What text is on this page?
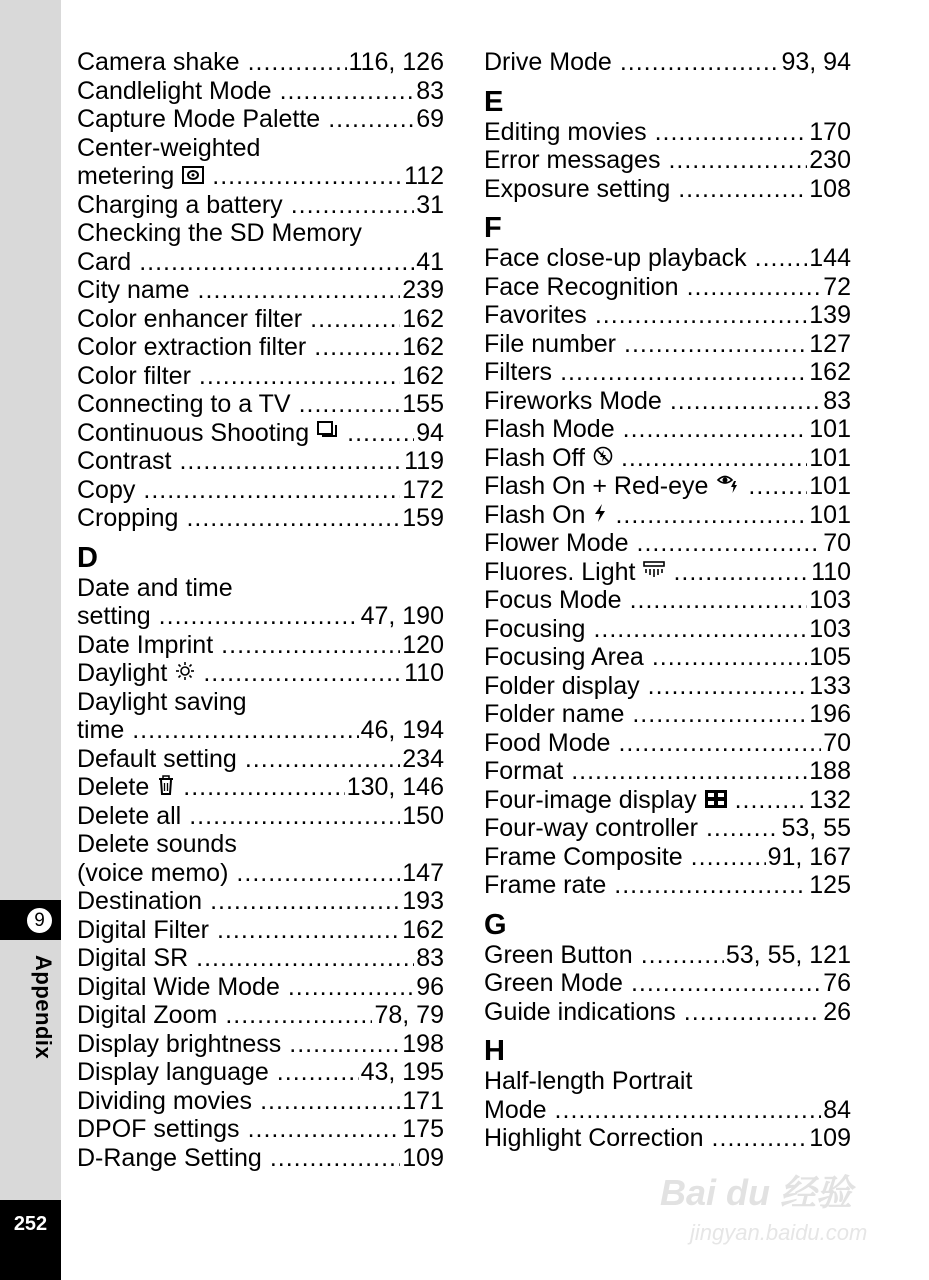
9
Appendix
252
Camera shake .....	116, 126
Candlelight Mode .....	83
Capture Mode Palette .....	69
Center-weighted
metering .....	112
Charging a battery .....	31
Checking the SD Memory
Card .....	41
City name .....	239
Color enhancer filter .....	162
Color extraction filter .....	162
Color filter .....	162
Connecting to a TV .....	155
Continuous Shooting .....	94
Contrast .....	119
Copy .....	172
Cropping .....	159
D
Date and time
setting .....	47, 190
Date Imprint .....	120
Daylight .....	110
Daylight saving
time .....	46, 194
Default setting .....	234
Delete .....	130, 146
Delete all .....	150
Delete sounds
(voice memo) .....	147
Destination .....	193
Digital Filter .....	162
Digital SR .....	83
Digital Wide Mode .....	96
Digital Zoom .....	78, 79
Display brightness .....	198
Display language .....	43, 195
Dividing movies .....	171
DPOF settings .....	175
D-Range Setting .....	109
Drive Mode .....	93, 94
E
Editing movies .....	170
Error messages .....	230
Exposure setting .....	108
F
Face close-up playback .....	144
Face Recognition .....	72
Favorites .....	139
File number .....	127
Filters .....	162
Fireworks Mode .....	83
Flash Mode .....	101
Flash Off .....	101
Flash On + Red-eye .....	101
Flash On .....	101
Flower Mode .....	70
Fluores. Light .....	110
Focus Mode .....	103
Focusing .....	103
Focusing Area .....	105
Folder display .....	133
Folder name .....	196
Food Mode .....	70
Format .....	188
Four-image display .....	132
Four-way controller .....	53, 55
Frame Composite .....	91, 167
Frame rate .....	125
G
Green Button .....	53, 55, 121
Green Mode .....	76
Guide indications .....	26
H
Half-length Portrait
Mode .....	84
Highlight Correction .....	109
Bai du 经验
jingyan.baidu.com
